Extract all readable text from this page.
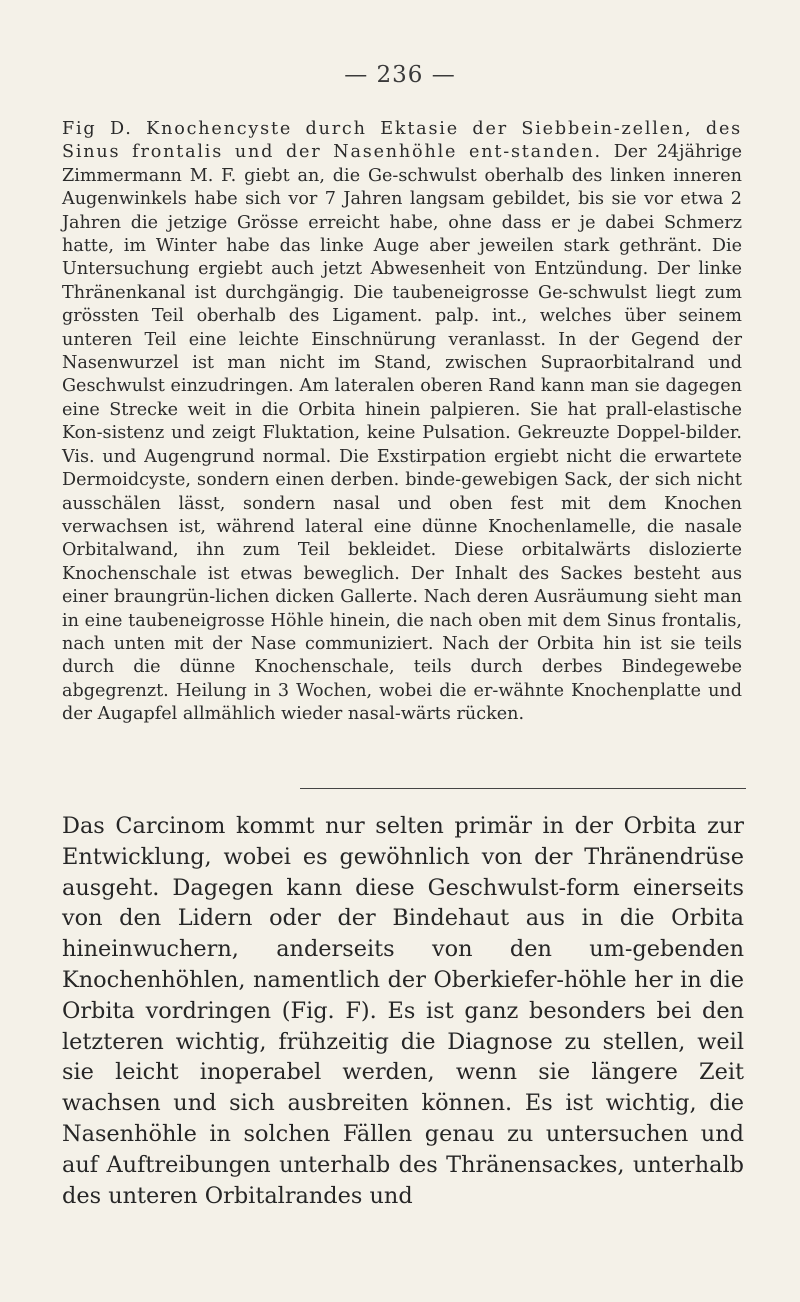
— 236 —
Fig D. Knochencyste durch Ektasie der Siebbein-zellen, des Sinus frontalis und der Nasenhöhle ent-standen. Der 24jährige Zimmermann M. F. giebt an, die Ge-schwulst oberhalb des linken inneren Augenwinkels habe sich vor 7 Jahren langsam gebildet, bis sie vor etwa 2 Jahren die jetzige Grösse erreicht habe, ohne dass er je dabei Schmerz hatte, im Winter habe das linke Auge aber jeweilen stark gethränt. Die Untersuchung ergiebt auch jetzt Abwesenheit von Entzündung. Der linke Thränenkanal ist durchgängig. Die taubeneigrosse Ge-schwulst liegt zum grössten Teil oberhalb des Ligament. palp. int., welches über seinem unteren Teil eine leichte Einschnürung veranlasst. In der Gegend der Nasenwurzel ist man nicht im Stand, zwischen Supraorbitalrand und Geschwulst einzudringen. Am lateralen oberen Rand kann man sie dagegen eine Strecke weit in die Orbita hinein palpieren. Sie hat prall-elastische Kon-sistenz und zeigt Fluktation, keine Pulsation. Gekreuzte Doppel-bilder. Vis. und Augengrund normal. Die Exstirpation ergiebt nicht die erwartete Dermoidcyste, sondern einen derben. binde-gewebigen Sack, der sich nicht ausschälen lässt, sondern nasal und oben fest mit dem Knochen verwachsen ist, während lateral eine dünne Knochenlamelle, die nasale Orbitalwand, ihn zum Teil bekleidet. Diese orbitalwärts dislozierte Knochenschale ist etwas beweglich. Der Inhalt des Sackes besteht aus einer braungrün-lichen dicken Gallerte. Nach deren Ausräumung sieht man in eine taubeneigrosse Höhle hinein, die nach oben mit dem Sinus frontalis, nach unten mit der Nase communiziert. Nach der Orbita hin ist sie teils durch die dünne Knochenschale, teils durch derbes Bindegewebe abgegrenzt. Heilung in 3 Wochen, wobei die er-wähnte Knochenplatte und der Augapfel allmählich wieder nasal-wärts rücken.
Das Carcinom kommt nur selten primär in der Orbita zur Entwicklung, wobei es gewöhnlich von der Thränendrüse ausgeht. Dagegen kann diese Geschwulst-form einerseits von den Lidern oder der Bindehaut aus in die Orbita hineinwuchern, anderseits von den um-gebenden Knochenhöhlen, namentlich der Oberkiefer-höhle her in die Orbita vordringen (Fig. F). Es ist ganz besonders bei den letzteren wichtig, frühzeitig die Diagnose zu stellen, weil sie leicht inoperabel werden, wenn sie längere Zeit wachsen und sich ausbreiten können. Es ist wichtig, die Nasenhöhle in solchen Fällen genau zu untersuchen und auf Auftreibungen unterhalb des Thränensackes, unterhalb des unteren Orbitalrandes und
